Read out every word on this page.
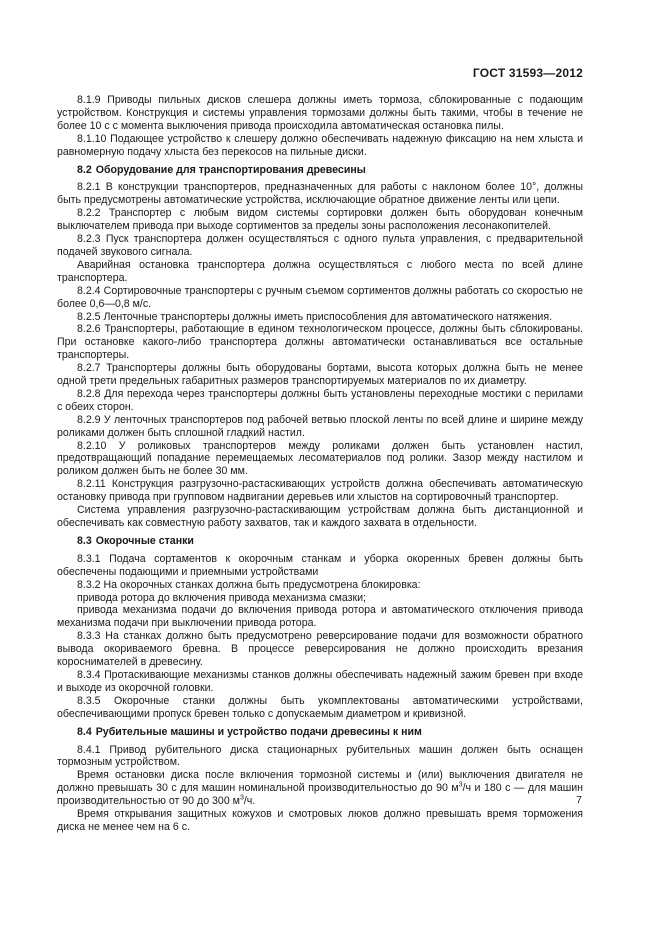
ГОСТ 31593—2012

8.1.9 Приводы пильных дисков слешера должны иметь тормоза, сблокированные с подающим устройством. Конструкция и системы управления тормозами должны быть такими, чтобы в течение не более 10 с с момента выключения привода происходила автоматическая остановка пилы.

8.1.10 Подающее устройство к слешеру должно обеспечивать надежную фиксацию на нем хлыста и равномерную подачу хлыста без перекосов на пильные диски.

8.2 Оборудование для транспортирования древесины

8.2.1 В конструкции транспортеров, предназначенных для работы с наклоном более 10°, должны быть предусмотрены автоматические устройства, исключающие обратное движение ленты или цепи.

8.2.2 Транспортер с любым видом системы сортировки должен быть оборудован конечным выключателем привода при выходе сортиментов за пределы зоны расположения лесонакопителей.

8.2.3 Пуск транспортера должен осуществляться с одного пульта управления, с предварительной подачей звукового сигнала.

Аварийная остановка транспортера должна осуществляться с любого места по всей длине транспортера.

8.2.4 Сортировочные транспортеры с ручным съемом сортиментов должны работать со скоростью не более 0,6—0,8 м/с.

8.2.5 Ленточные транспортеры должны иметь приспособления для автоматического натяжения.

8.2.6 Транспортеры, работающие в едином технологическом процессе, должны быть сблокированы. При остановке какого-либо транспортера должны автоматически останавливаться все остальные транспортеры.

8.2.7 Транспортеры должны быть оборудованы бортами, высота которых должна быть не менее одной трети предельных габаритных размеров транспортируемых материалов по их диаметру.

8.2.8 Для перехода через транспортеры должны быть установлены переходные мостики с перилами с обеих сторон.

8.2.9 У ленточных транспортеров под рабочей ветвью плоской ленты по всей длине и ширине между роликами должен быть сплошной гладкий настил.

8.2.10 У роликовых транспортеров между роликами должен быть установлен настил, предотвращающий попадание перемещаемых лесоматериалов под ролики. Зазор между настилом и роликом должен быть не более 30 мм.

8.2.11 Конструкция разгрузочно-растаскивающих устройств должна обеспечивать автоматическую остановку привода при групповом надвигании деревьев или хлыстов на сортировочный транспортер.

Система управления разгрузочно-растаскивающим устройствам должна быть дистанционной и обеспечивать как совместную работу захватов, так и каждого захвата в отдельности.

8.3 Окорочные станки

8.3.1 Подача сортаментов к окорочным станкам и уборка окоренных бревен должны быть обеспечены подающими и приемными устройствами

8.3.2 На окорочных станках должна быть предусмотрена блокировка:

привода ротора до включения привода механизма смазки;

привода механизма подачи до включения привода ротора и автоматического отключения привода механизма подачи при выключении привода ротора.

8.3.3 На станках должно быть предусмотрено реверсирование подачи для возможности обратного вывода окориваемого бревна. В процессе реверсирования не должно происходить врезания короснимателей в древесину.

8.3.4 Протаскивающие механизмы станков должны обеспечивать надежный зажим бревен при входе и выходе из окорочной головки.

8.3.5 Окорочные станки должны быть укомплектованы автоматическими устройствами, обеспечивающими пропуск бревен только с допускаемым диаметром и кривизной.

8.4 Рубительные машины и устройство подачи древесины к ним

8.4.1 Привод рубительного диска стационарных рубительных машин должен быть оснащен тормозным устройством.

Время остановки диска после включения тормозной системы и (или) выключения двигателя не должно превышать 30 с для машин номинальной производительностью до 90 $м^3/ч$ и 180 с — для машин производительностью от 90 до 300 $м^3/ч$.

Время открывания защитных кожухов и смотровых люков должно превышать время торможения диска не менее чем на 6 с.

7
